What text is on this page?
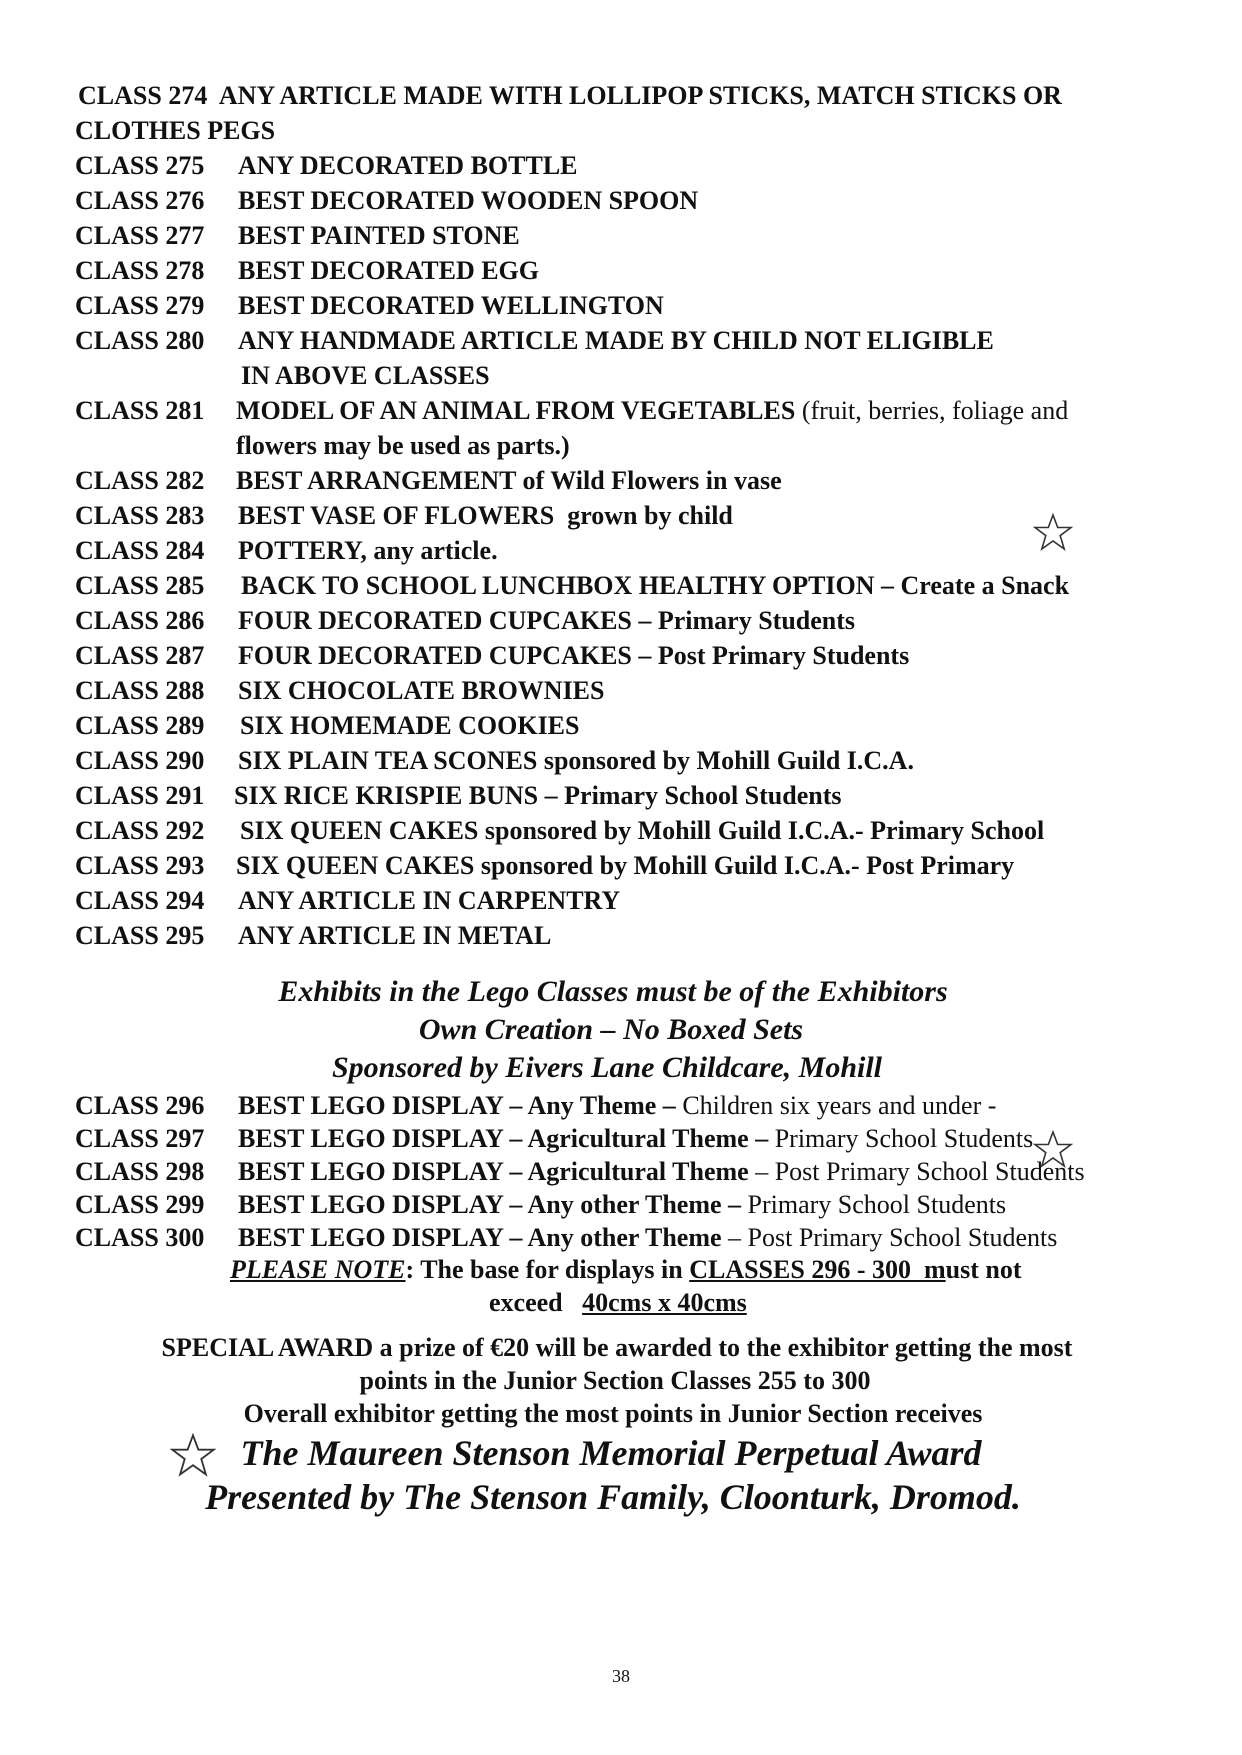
CLASS 274 ANY ARTICLE MADE WITH LOLLIPOP STICKS, MATCH STICKS OR
CLOTHES PEGS
CLASS 275 ANY DECORATED BOTTLE
CLASS 276 BEST DECORATED WOODEN SPOON
CLASS 277 BEST PAINTED STONE
CLASS 278 BEST DECORATED EGG
CLASS 279 BEST DECORATED WELLINGTON
CLASS 280 ANY HANDMADE ARTICLE MADE BY CHILD NOT ELIGIBLE
IN ABOVE CLASSES
CLASS 281 MODEL OF AN ANIMAL FROM VEGETABLES (fruit, berries, foliage and
flowers may be used as parts.)
CLASS 282 BEST ARRANGEMENT of Wild Flowers in vase
CLASS 283 BEST VASE OF FLOWERS  grown by child
CLASS 284 POTTERY, any article.
CLASS 285 BACK TO SCHOOL LUNCHBOX HEALTHY OPTION – Create a Snack
CLASS 286 FOUR DECORATED CUPCAKES – Primary Students
CLASS 287 FOUR DECORATED CUPCAKES – Post Primary Students
CLASS 288 SIX CHOCOLATE BROWNIES
CLASS 289 SIX HOMEMADE COOKIES
CLASS 290 SIX PLAIN TEA SCONES sponsored by Mohill Guild I.C.A.
CLASS 291 SIX RICE KRISPIE BUNS – Primary School Students
CLASS 292 SIX QUEEN CAKES sponsored by Mohill Guild I.C.A.- Primary School
CLASS 293 SIX QUEEN CAKES sponsored by Mohill Guild I.C.A.- Post Primary
CLASS 294 ANY ARTICLE IN CARPENTRY
CLASS 295 ANY ARTICLE IN METAL
Exhibits in the Lego Classes must be of the Exhibitors
Own Creation – No Boxed Sets
Sponsored by Eivers Lane Childcare, Mohill
CLASS 296 BEST LEGO DISPLAY – Any Theme – Children six years and under -
CLASS 297 BEST LEGO DISPLAY – Agricultural Theme – Primary School Students
CLASS 298 BEST LEGO DISPLAY – Agricultural Theme – Post Primary School Students
CLASS 299 BEST LEGO DISPLAY – Any other Theme – Primary School Students
CLASS 300 BEST LEGO DISPLAY – Any other Theme – Post Primary School Students
PLEASE NOTE: The base for displays in CLASSES 296 - 300  must not
exceed   40cms x 40cms
SPECIAL AWARD a prize of €20 will be awarded to the exhibitor getting the most
points in the Junior Section Classes 255 to 300
Overall exhibitor getting the most points in Junior Section receives
The Maureen Stenson Memorial Perpetual Award
Presented by The Stenson Family, Cloonturk, Dromod.
38
